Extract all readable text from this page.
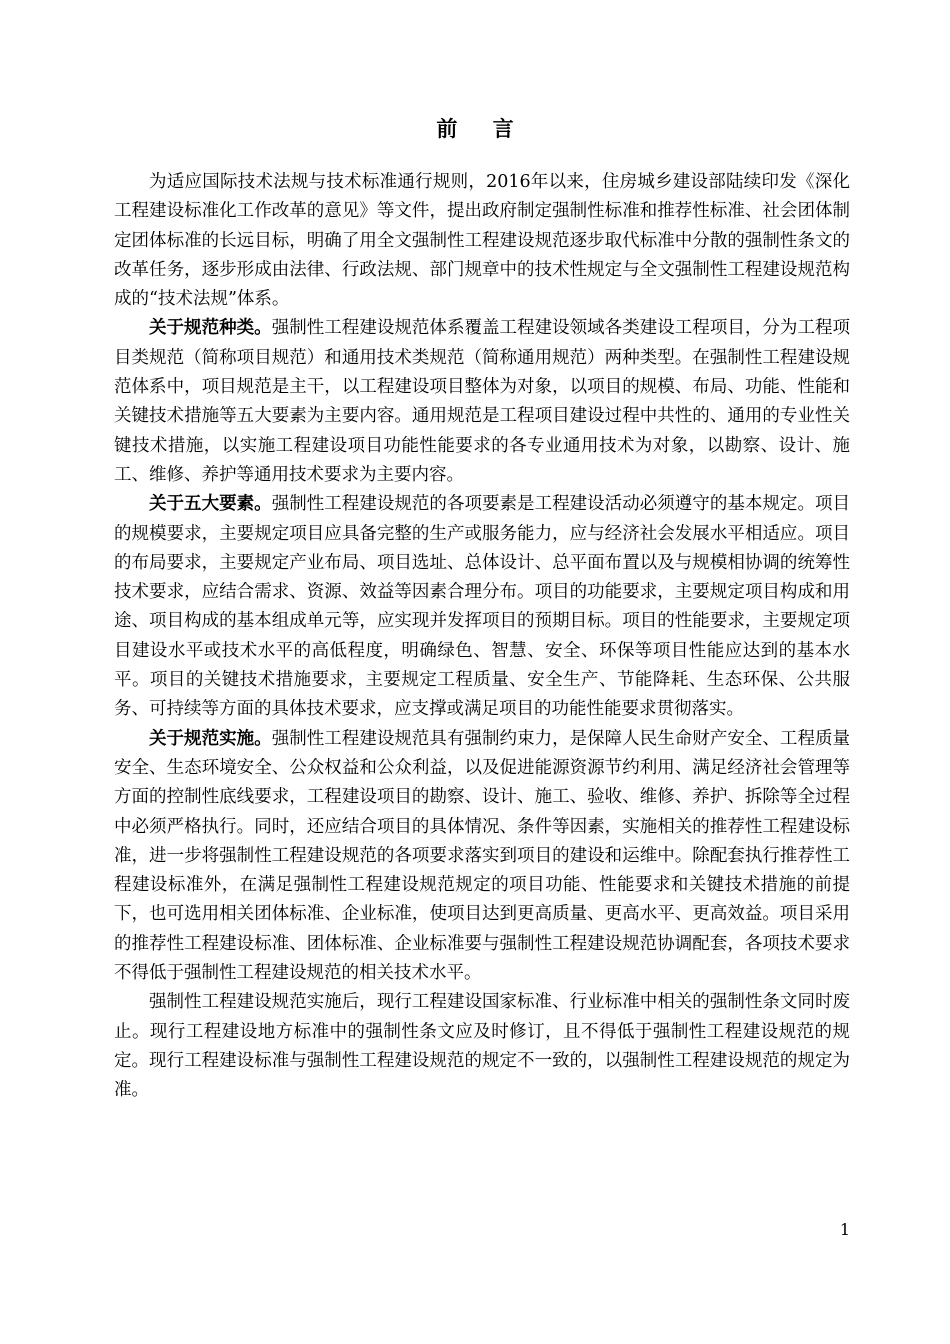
前 言

为适应国际技术法规与技术标准通行规则，2016年以来，住房城乡建设部陆续印发《深化工程建设标准化工作改革的意见》等文件，提出政府制定强制性标准和推荐性标准、社会团体制定团体标准的长远目标，明确了用全文强制性工程建设规范逐步取代标准中分散的强制性条文的改革任务，逐步形成由法律、行政法规、部门规章中的技术性规定与全文强制性工程建设规范构成的“技术法规”体系。

关于规范种类。强制性工程建设规范体系覆盖工程建设领域各类建设工程项目，分为工程项目类规范（简称项目规范）和通用技术类规范（简称通用规范）两种类型。在强制性工程建设规范体系中，项目规范是主干，以工程建设项目整体为对象，以项目的规模、布局、功能、性能和关键技术措施等五大要素为主要内容。通用规范是工程项目建设过程中共性的、通用的专业性关键技术措施，以实施工程建设项目功能性能要求的各专业通用技术为对象，以勘察、设计、施工、维修、养护等通用技术要求为主要内容。

关于五大要素。强制性工程建设规范的各项要素是工程建设活动必须遵守的基本规定。项目的规模要求，主要规定项目应具备完整的生产或服务能力，应与经济社会发展水平相适应。项目的布局要求，主要规定产业布局、项目选址、总体设计、总平面布置以及与规模相协调的统筹性技术要求，应结合需求、资源、效益等因素合理分布。项目的功能要求，主要规定项目构成和用途、项目构成的基本组成单元等，应实现并发挥项目的预期目标。项目的性能要求，主要规定项目建设水平或技术水平的高低程度，明确绿色、智慧、安全、环保等项目性能应达到的基本水平。项目的关键技术措施要求，主要规定工程质量、安全生产、节能降耗、生态环保、公共服务、可持续等方面的具体技术要求，应支撑或满足项目的功能性能要求贯彻落实。

关于规范实施。强制性工程建设规范具有强制约束力，是保障人民生命财产安全、工程质量安全、生态环境安全、公众权益和公众利益，以及促进能源资源节约利用、满足经济社会管理等方面的控制性底线要求，工程建设项目的勘察、设计、施工、验收、维修、养护、拆除等全过程中必须严格执行。同时，还应结合项目的具体情况、条件等因素，实施相关的推荐性工程建设标准，进一步将强制性工程建设规范的各项要求落实到项目的建设和运维中。除配套执行推荐性工程建设标准外，在满足强制性工程建设规范规定的项目功能、性能要求和关键技术措施的前提下，也可选用相关团体标准、企业标准，使项目达到更高质量、更高水平、更高效益。项目采用的推荐性工程建设标准、团体标准、企业标准要与强制性工程建设规范协调配套，各项技术要求不得低于强制性工程建设规范的相关技术水平。

强制性工程建设规范实施后，现行工程建设国家标准、行业标准中相关的强制性条文同时废止。现行工程建设地方标准中的强制性条文应及时修订，且不得低于强制性工程建设规范的规定。现行工程建设标准与强制性工程建设规范的规定不一致的，以强制性工程建设规范的规定为准。

1
